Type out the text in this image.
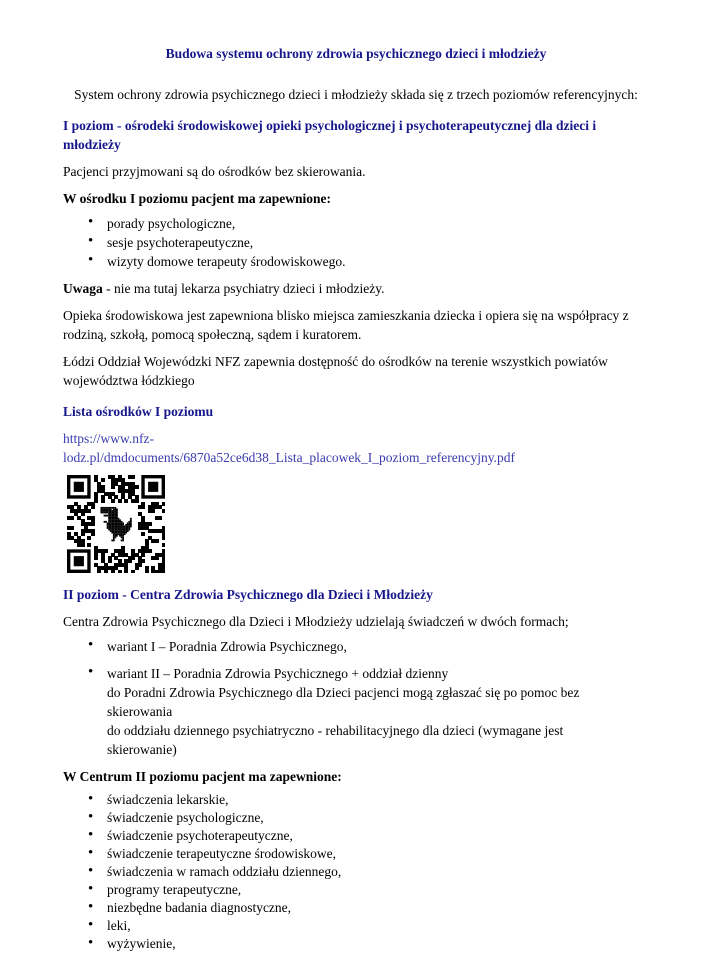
Budowa systemu ochrony zdrowia psychicznego dzieci i młodzieży

System ochrony zdrowia psychicznego dzieci i młodzieży składa się z trzech poziomów referencyjnych:

I poziom - ośrodeki środowiskowej opieki psychologicznej i psychoterapeutycznej dla dzieci i młodzieży

Pacjenci przyjmowani są do ośrodków bez skierowania.

W ośrodku I poziomu pacjent ma zapewnione:

• porady psychologiczne,
• sesje psychoterapeutyczne,
• wizyty domowe terapeuty środowiskowego.

Uwaga - nie ma tutaj lekarza psychiatry dzieci i młodzieży.

Opieka środowiskowa jest zapewniona blisko miejsca zamieszkania dziecka i opiera się na współpracy z rodziną, szkołą, pomocą społeczną, sądem i kuratorem.

Łódzi Oddział Wojewódzki NFZ zapewnia dostępność do ośrodków na terenie wszystkich powiatów województwa łódzkiego

Lista ośrodków I poziomu

https://www.nfz-
lodz.pl/dmdocuments/6870a52ce6d38_Lista_placowek_I_poziom_referencyjny.pdf

II poziom - Centra Zdrowia Psychicznego dla Dzieci i Młodzieży

Centra Zdrowia Psychicznego dla Dzieci i Młodzieży udzielają świadczeń w dwóch formach;

• wariant I – Poradnia Zdrowia Psychicznego,
• wariant II – Poradnia Zdrowia Psychicznego + oddział dzienny
do Poradni Zdrowia Psychicznego dla Dzieci pacjenci mogą zgłaszać się po pomoc bez skierowania
do oddziału dziennego psychiatryczno - rehabilitacyjnego dla dzieci (wymagane jest skierowanie)

W Centrum II poziomu pacjent ma zapewnione:

• świadczenia lekarskie,
• świadczenie psychologiczne,
• świadczenie psychoterapeutyczne,
• świadczenie terapeutyczne środowiskowe,
• świadczenia w ramach oddziału dziennego,
• programy terapeutyczne,
• niezbędne badania diagnostyczne,
• leki,
• wyżywienie,
